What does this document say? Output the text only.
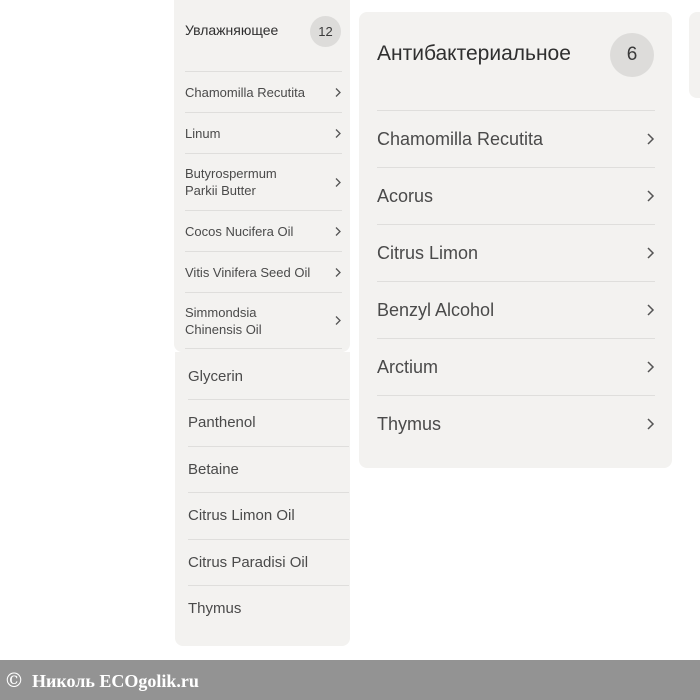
Увлажняющее	12
Chamomilla Recutita
Linum
Butyrospermum Parkii Butter
Cocos Nucifera Oil
Vitis Vinifera Seed Oil
Simmondsia Chinensis Oil
Glycerin
Panthenol
Betaine
Citrus Limon Oil
Citrus Paradisi Oil
Thymus
Антибактериальное	6
Chamomilla Recutita
Acorus
Citrus Limon
Benzyl Alcohol
Arctium
Thymus
© Николь ECOgolik.ru
